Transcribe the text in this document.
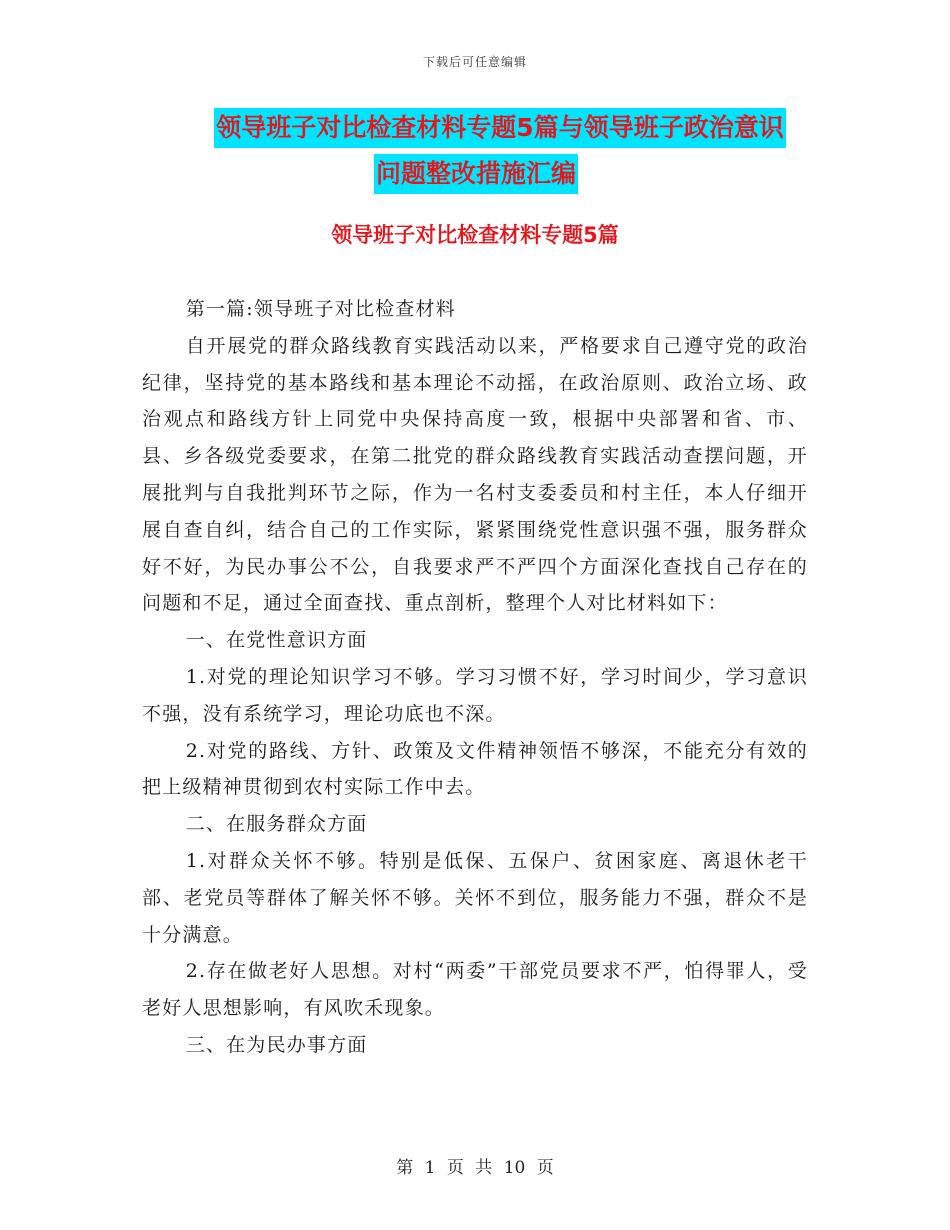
下载后可任意编辑
领导班子对比检查材料专题5篇与领导班子政治意识
问题整改措施汇编
领导班子对比检查材料专题5篇

第一篇:领导班子对比检查材料

自开展党的群众路线教育实践活动以来，严格要求自己遵守党的政治纪律，坚持党的基本路线和基本理论不动摇，在政治原则、政治立场、政治观点和路线方针上同党中央保持高度一致，根据中央部署和省、市、县、乡各级党委要求，在第二批党的群众路线教育实践活动查摆问题，开展批判与自我批判环节之际，作为一名村支委委员和村主任，本人仔细开展自查自纠，结合自己的工作实际，紧紧围绕党性意识强不强，服务群众好不好，为民办事公不公，自我要求严不严四个方面深化查找自己存在的问题和不足，通过全面查找、重点剖析，整理个人对比材料如下：

一、在党性意识方面

1.对党的理论知识学习不够。学习习惯不好，学习时间少，学习意识不强，没有系统学习，理论功底也不深。

2.对党的路线、方针、政策及文件精神领悟不够深，不能充分有效的把上级精神贯彻到农村实际工作中去。

二、在服务群众方面

1.对群众关怀不够。特别是低保、五保户、贫困家庭、离退休老干部、老党员等群体了解关怀不够。关怀不到位，服务能力不强，群众不是十分满意。

2.存在做老好人思想。对村“两委”干部党员要求不严，怕得罪人，受老好人思想影响，有风吹禾现象。

三、在为民办事方面

第 1 页 共 10 页
